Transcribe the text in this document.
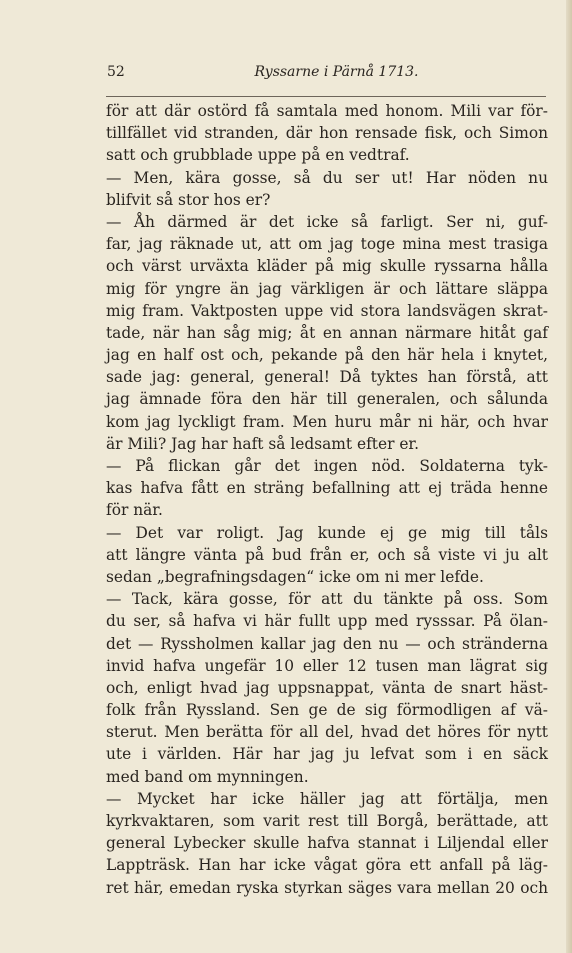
52	Ryssarne i Pärnå 1713.
för att där ostörd få samtala med honom. Mili var för-
tillfället vid stranden, där hon rensade fisk, och Simon
satt och grubblade uppe på en vedtraf.
— Men, kära gosse, så du ser ut! Har nöden nu
blifvit så stor hos er?
— Åh därmed är det icke så farligt. Ser ni, guf-
far, jag räknade ut, att om jag toge mina mest trasiga
och värst urväxta kläder på mig skulle ryssarna hålla
mig för yngre än jag värkligen är och lättare släppa
mig fram. Vaktposten uppe vid stora landsvägen skrat-
tade, när han såg mig; åt en annan närmare hitåt gaf
jag en half ost och, pekande på den här hela i knytet,
sade jag: general, general! Då tyktes han förstå, att
jag ämnade föra den här till generalen, och sålunda
kom jag lyckligt fram. Men huru mår ni här, och hvar
är Mili? Jag har haft så ledsamt efter er.
— På flickan går det ingen nöd. Soldaterna tyk-
kas hafva fått en sträng befallning att ej träda henne
för när.
— Det var roligt. Jag kunde ej ge mig till tåls
att längre vänta på bud från er, och så viste vi ju alt
sedan „begrafningsdagen“ icke om ni mer lefde.
— Tack, kära gosse, för att du tänkte på oss. Som
du ser, så hafva vi här fullt upp med rysssar. På ölan-
det — Ryssholmen kallar jag den nu — och stränderna
invid hafva ungefär 10 eller 12 tusen man lägrat sig
och, enligt hvad jag uppsnappat, vänta de snart häst-
folk från Ryssland. Sen ge de sig förmodligen af vä-
sterut. Men berätta för all del, hvad det höres för nytt
ute i världen. Här har jag ju lefvat som i en säck
med band om mynningen.
— Mycket har icke häller jag att förtälja, men
kyrkvaktaren, som varit rest till Borgå, berättade, att
general Lybecker skulle hafva stannat i Liljendal eller
Lappträsk. Han har icke vågat göra ett anfall på läg-
ret här, emedan ryska styrkan säges vara mellan 20 och
